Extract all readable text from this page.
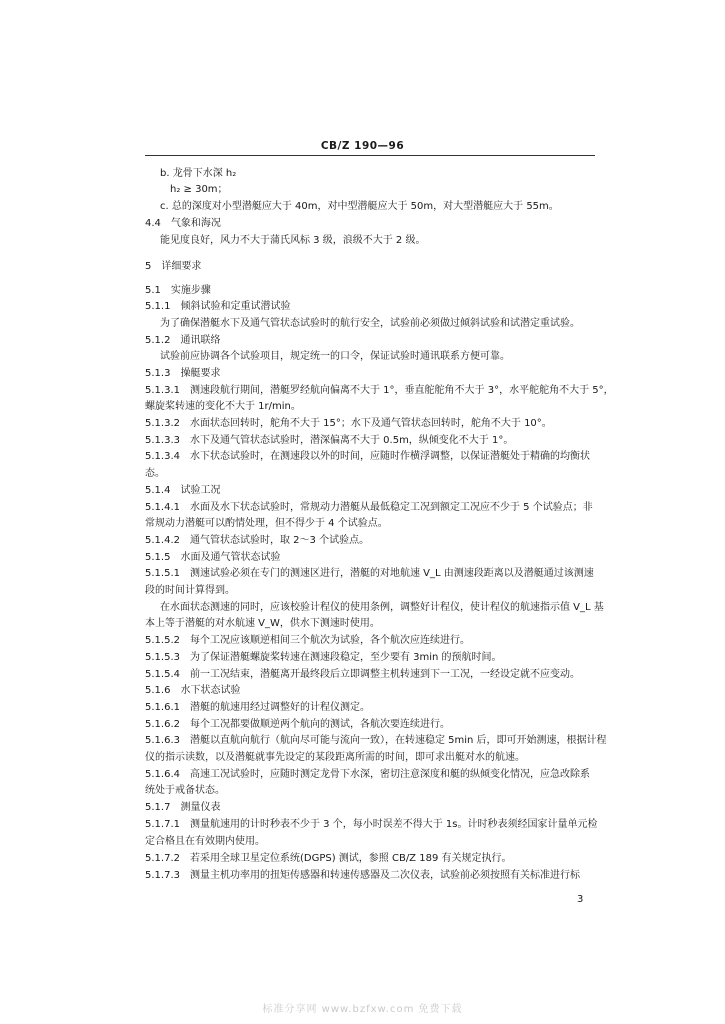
CB/Z 190—96
b. 龙骨下水深 h₂
h₂ ≥ 30m；
c. 总的深度对小型潜艇应大于 40m，对中型潜艇应大于 50m，对大型潜艇应大于 55m。
4.4　气象和海况
能见度良好，风力不大于蒲氏风标 3 级，浪级不大于 2 级。
5　详细要求
5.1　实施步骤
5.1.1　倾斜试验和定重试潜试验
为了确保潜艇水下及通气管状态试验时的航行安全，试验前必须做过倾斜试验和试潜定重试验。
5.1.2　通讯联络
试验前应协调各个试验项目，规定统一的口令，保证试验时通讯联系方便可靠。
5.1.3　操艇要求
5.1.3.1　测速段航行期间，潜艇罗经航向偏离不大于 1°，垂直舵舵角不大于 3°，水平舵舵角不大于 5°，
螺旋桨转速的变化不大于 1r/min。
5.1.3.2　水面状态回转时，舵角不大于 15°；水下及通气管状态回转时，舵角不大于 10°。
5.1.3.3　水下及通气管状态试验时，潜深偏离不大于 0.5m，纵倾变化不大于 1°。
5.1.3.4　水下状态试验时，在测速段以外的时间，应随时作横浮调整，以保证潜艇处于精确的均衡状
态。
5.1.4　试验工况
5.1.4.1　水面及水下状态试验时，常规动力潜艇从最低稳定工况到额定工况应不少于 5 个试验点；非
常规动力潜艇可以酌情处理，但不得少于 4 个试验点。
5.1.4.2　通气管状态试验时，取 2～3 个试验点。
5.1.5　水面及通气管状态试验
5.1.5.1　测速试验必须在专门的测速区进行，潜艇的对地航速 V_L 由测速段距离以及潜艇通过该测速
段的时间计算得到。
在水面状态测速的同时，应该校验计程仪的使用条例，调整好计程仪，使计程仪的航速指示值 V_L 基
本上等于潜艇的对水航速 V_W，供水下测速时使用。
5.1.5.2　每个工况应该顺逆相间三个航次为试验，各个航次应连续进行。
5.1.5.3　为了保证潜艇螺旋桨转速在测速段稳定，至少要有 3min 的预航时间。
5.1.5.4　前一工况结束，潜艇离开最终段后立即调整主机转速到下一工况，一经设定就不应变动。
5.1.6　水下状态试验
5.1.6.1　潜艇的航速用经过调整好的计程仪测定。
5.1.6.2　每个工况都要做顺逆两个航向的测试，各航次要连续进行。
5.1.6.3　潜艇以直航向航行（航向尽可能与流向一致），在转速稳定 5min 后，即可开始测速，根据计程
仪的指示读数，以及潜艇就事先设定的某段距离所需的时间，即可求出艇对水的航速。
5.1.6.4　高速工况试验时，应随时测定龙骨下水深，密切注意深度和艇的纵倾变化情况，应急改除系
统处于戒备状态。
5.1.7　测量仪表
5.1.7.1　测量航速用的计时秒表不少于 3 个，每小时误差不得大于 1s。计时秒表须经国家计量单元检
定合格且在有效期内使用。
5.1.7.2　若采用全球卫星定位系统(DGPS) 测试，参照 CB/Z 189 有关规定执行。
5.1.7.3　测量主机功率用的扭矩传感器和转速传感器及二次仪表，试验前必须按照有关标准进行标
3
标准分享网 www.bzfxw.com 免费下载
